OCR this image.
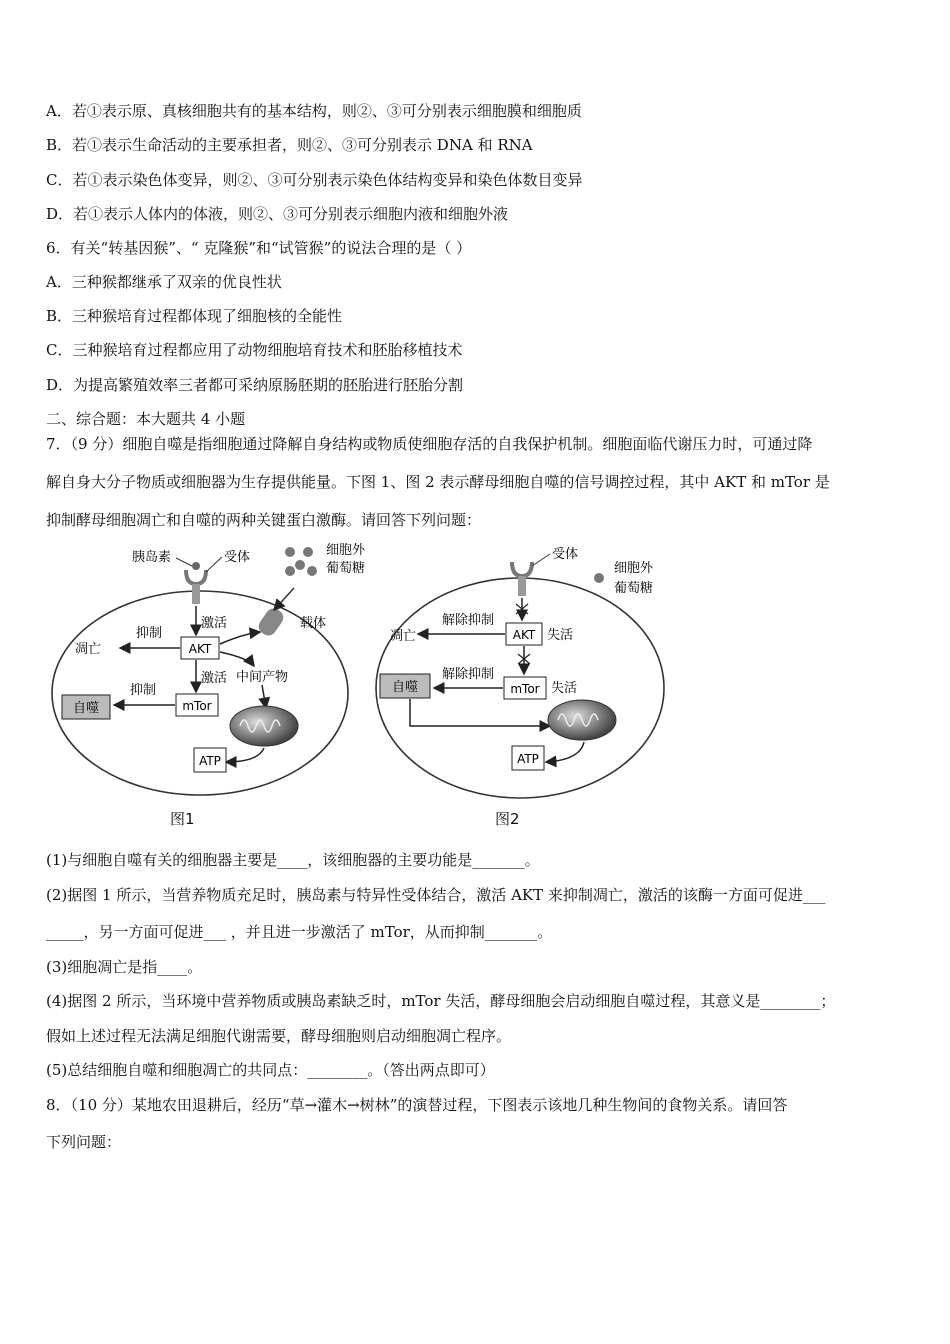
A．若①表示原、真核细胞共有的基本结构，则②、③可分别表示细胞膜和细胞质
B．若①表示生命活动的主要承担者，则②、③可分别表示 DNA 和 RNA
C．若①表示染色体变异，则②、③可分别表示染色体结构变异和染色体数目变异
D．若①表示人体内的体液，则②、③可分别表示细胞内液和细胞外液
6．有关“转基因猴”、“ 克隆猴”和“试管猴”的说法合理的是（ ）
A．三种猴都继承了双亲的优良性状
B．三种猴培育过程都体现了细胞核的全能性
C．三种猴培育过程都应用了动物细胞培育技术和胚胎移植技术
D．为提高繁殖效率三者都可采纳原肠胚期的胚胎进行胚胎分割
二、综合题：本大题共 4 小题
7．（9 分）细胞自噬是指细胞通过降解自身结构或物质使细胞存活的自我保护机制。细胞面临代谢压力时，可通过降
解自身大分子物质或细胞器为生存提供能量。下图 1、图 2 表示酵母细胞自噬的信号调控过程，其中 AKT 和 mTor 是
抑制酵母细胞凋亡和自噬的两种关键蛋白激酶。请回答下列问题：
胰岛素	受体	细胞外
葡萄糖
载体
激活
AKT
抑制
凋亡
中间产物
激活
mTor
抑制
自噬
ATP
图1
受体
细胞外
葡萄糖
AKT 失活
解除抑制
凋亡
mTor 失活
解除抑制
自噬
ATP
图2
(1)与细胞自噬有关的细胞器主要是____，该细胞器的主要功能是_______。
(2)据图 1 所示，当营养物质充足时，胰岛素与特异性受体结合，激活 AKT 来抑制凋亡，激活的该酶一方面可促进___
_____，另一方面可促进___ ，并且进一步激活了 mTor，从而抑制_______。
(3)细胞凋亡是指____。
(4)据图 2 所示，当环境中营养物质或胰岛素缺乏时，mTor 失活，酵母细胞会启动细胞自噬过程，其意义是________；
假如上述过程无法满足细胞代谢需要，酵母细胞则启动细胞凋亡程序。
(5)总结细胞自噬和细胞凋亡的共同点：________。（答出两点即可）
8．（10 分）某地农田退耕后，经历“草→灌木→树林”的演替过程，下图表示该地几种生物间的食物关系。请回答
下列问题：
